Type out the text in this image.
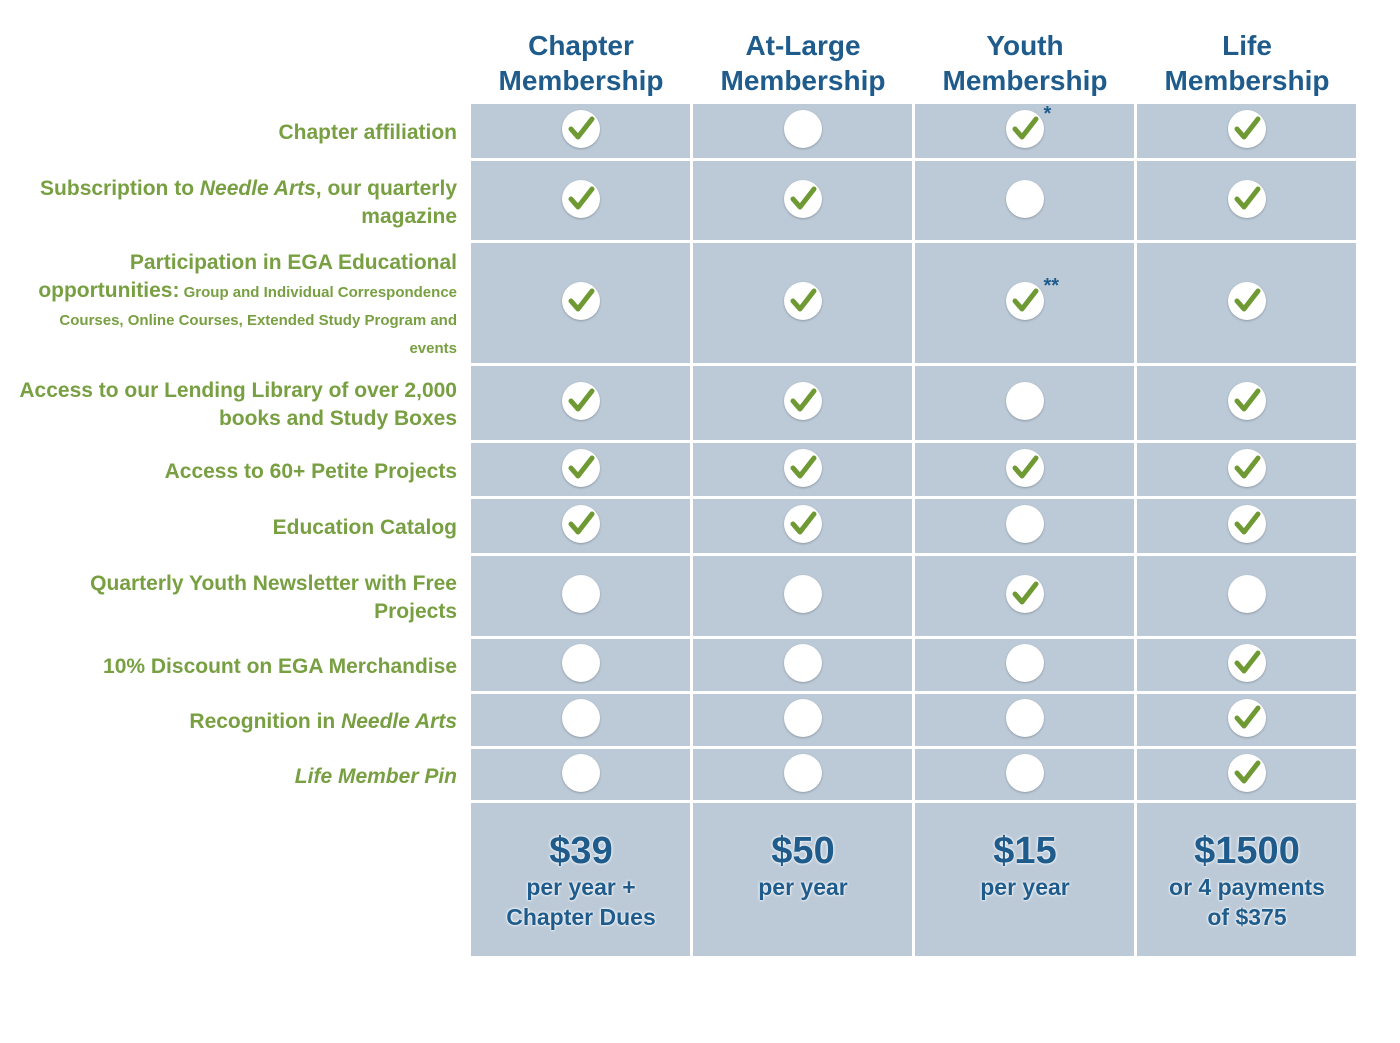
Chapter
Membership
At-Large
Membership
Youth
Membership
Life
Membership
Chapter affiliation
*
Subscription to Needle Arts, our quarterly magazine
Participation in EGA Educational opportunities: Group and Individual Correspondence Courses, Online Courses, Extended Study Program and events
**
Access to our Lending Library of over 2,000 books and Study Boxes
Access to 60+ Petite Projects
Education Catalog
Quarterly Youth Newsletter with Free Projects
10% Discount on EGA Merchandise
Recognition in Needle Arts
Life Member Pin
$39
per year +
Chapter Dues
$50
per year
$15
per year
$1500
or 4 payments
of $375
